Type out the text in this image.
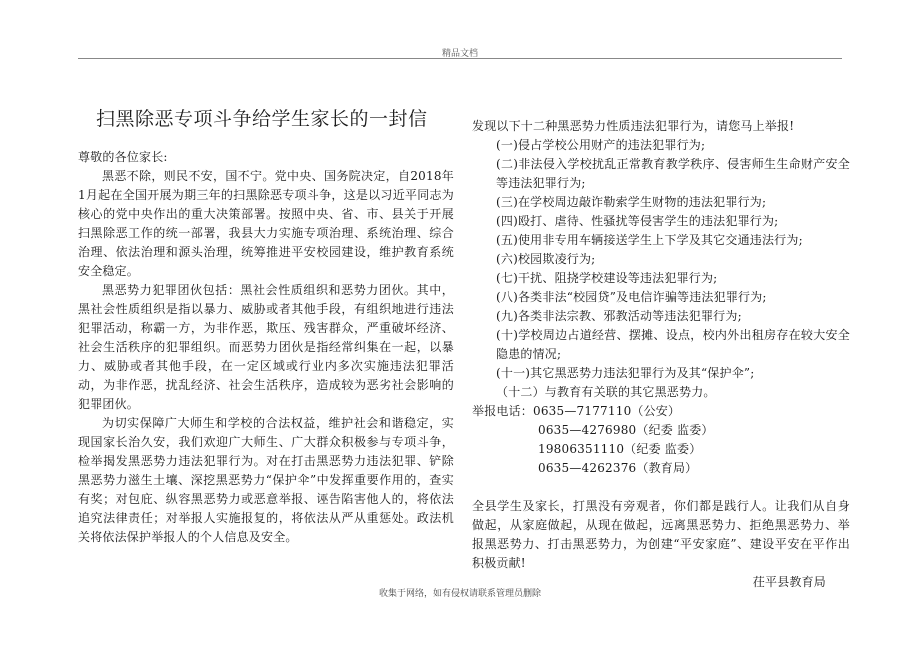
精品文档
扫黑除恶专项斗争给学生家长的一封信

尊敬的各位家长:

黑恶不除，则民不安，国不宁。党中央、国务院决定，自2018年1月起在全国开展为期三年的扫黑除恶专项斗争，这是以习近平同志为核心的党中央作出的重大决策部署。按照中央、省、市、县关于开展扫黑除恶工作的统一部署，我县大力实施专项治理、系统治理、综合治理、依法治理和源头治理，统筹推进平安校园建设，维护教育系统安全稳定。

黑恶势力犯罪团伙包括：黑社会性质组织和恶势力团伙。其中，黑社会性质组织是指以暴力、威胁或者其他手段，有组织地进行违法犯罪活动，称霸一方，为非作恶，欺压、残害群众，严重破坏经济、社会生活秩序的犯罪组织。而恶势力团伙是指经常纠集在一起，以暴力、威胁或者其他手段，在一定区域或行业内多次实施违法犯罪活动，为非作恶，扰乱经济、社会生活秩序，造成较为恶劣社会影响的犯罪团伙。

为切实保障广大师生和学校的合法权益，维护社会和谐稳定，实现国家长治久安，我们欢迎广大师生、广大群众积极参与专项斗争，检举揭发黑恶势力违法犯罪行为。对在打击黑恶势力违法犯罪、铲除黑恶势力滋生土壤、深挖黑恶势力“保护伞”中发挥重要作用的，查实有奖；对包庇、纵容黑恶势力或恶意举报、诬告陷害他人的，将依法追究法律责任；对举报人实施报复的，将依法从严从重惩处。政法机关将依法保护举报人的个人信息及安全。

发现以下十二种黑恶势力性质违法犯罪行为，请您马上举报!

(一)侵占学校公用财产的违法犯罪行为;

(二)非法侵入学校扰乱正常教育教学秩序、侵害师生生命财产安全等违法犯罪行为;

(三)在学校周边敲诈勒索学生财物的违法犯罪行为;

(四)殴打、虐待、性骚扰等侵害学生的违法犯罪行为;

(五)使用非专用车辆接送学生上下学及其它交通违法行为;

(六)校园欺凌行为;

(七)干扰、阻挠学校建设等违法犯罪行为;

(八)各类非法“校园贷”及电信诈骗等违法犯罪行为;

(九)各类非法宗教、邪教活动等违法犯罪行为;

(十)学校周边占道经营、摆摊、设点，校内外出租房存在较大安全隐患的情况;

(十一)其它黑恶势力违法犯罪行为及其“保护伞”;

（十二）与教育有关联的其它黑恶势力。

举报电话：0635—7177110（公安）

0635—4276980（纪委 监委）

19806351110（纪委 监委）

0635—4262376（教育局）

全县学生及家长，打黑没有旁观者，你们都是践行人。让我们从自身做起，从家庭做起，从现在做起，远离黑恶势力、拒绝黑恶势力、举报黑恶势力、打击黑恶势力，为创建“平安家庭”、建设平安在平作出积极贡献!

茌平县教育局

收集于网络，如有侵权请联系管理员删除
